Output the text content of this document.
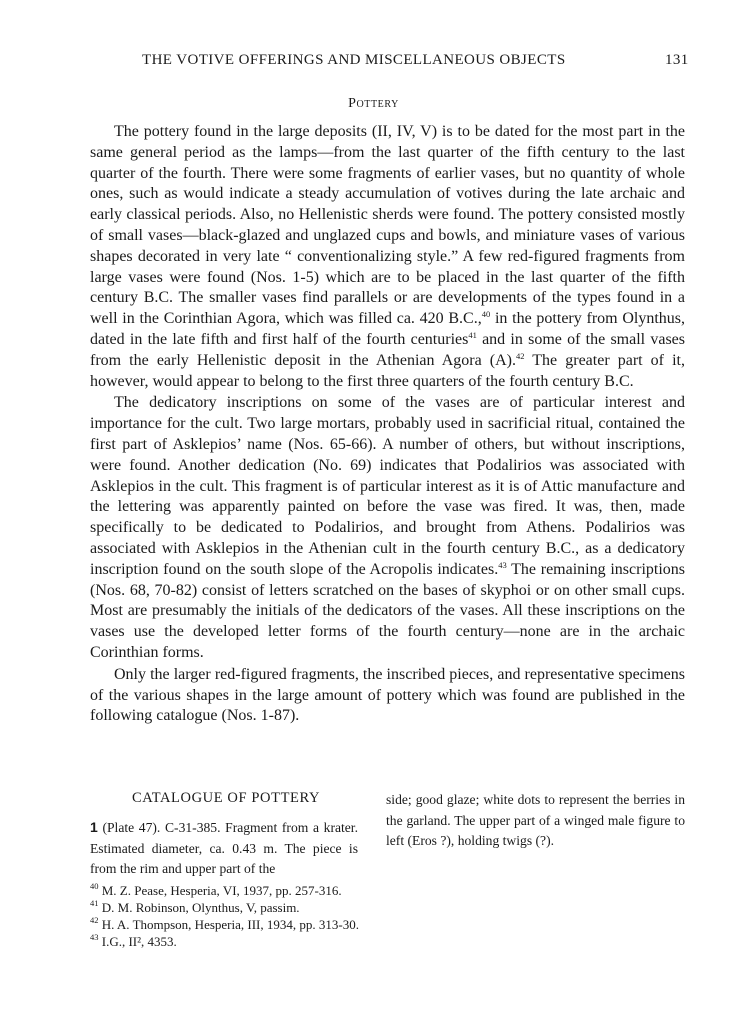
THE VOTIVE OFFERINGS AND MISCELLANEOUS OBJECTS	131
Pottery

The pottery found in the large deposits (II, IV, V) is to be dated for the most part in the same general period as the lamps—from the last quarter of the fifth century to the last quarter of the fourth. There were some fragments of earlier vases, but no quantity of whole ones, such as would indicate a steady accumulation of votives during the late archaic and early classical periods. Also, no Hellenistic sherds were found. The pottery consisted mostly of small vases—black-glazed and unglazed cups and bowls, and miniature vases of various shapes decorated in very late “ conventionalizing style.” A few red-figured fragments from large vases were found (Nos. 1-5) which are to be placed in the last quarter of the fifth century B.C. The smaller vases find parallels or are developments of the types found in a well in the Corinthian Agora, which was filled ca. 420 B.C.,$^{40}$ in the pottery from Olynthus, dated in the late fifth and first half of the fourth centuries$^{41}$ and in some of the small vases from the early Hellenistic deposit in the Athenian Agora (A).$^{42}$ The greater part of it, however, would appear to belong to the first three quarters of the fourth century B.C.

The dedicatory inscriptions on some of the vases are of particular interest and importance for the cult. Two large mortars, probably used in sacrificial ritual, contained the first part of Asklepios’ name (Nos. 65-66). A number of others, but without inscriptions, were found. Another dedication (No. 69) indicates that Podalirios was associated with Asklepios in the cult. This fragment is of particular interest as it is of Attic manufacture and the lettering was apparently painted on before the vase was fired. It was, then, made specifically to be dedicated to Podalirios, and brought from Athens. Podalirios was associated with Asklepios in the Athenian cult in the fourth century B.C., as a dedicatory inscription found on the south slope of the Acropolis indicates.$^{43}$ The remaining inscriptions (Nos. 68, 70-82) consist of letters scratched on the bases of skyphoi or on other small cups. Most are presumably the initials of the dedicators of the vases. All these inscriptions on the vases use the developed letter forms of the fourth century—none are in the archaic Corinthian forms.

Only the larger red-figured fragments, the inscribed pieces, and representative specimens of the various shapes in the large amount of pottery which was found are published in the following catalogue (Nos. 1-87).

CATALOGUE OF POTTERY
1 (Plate 47). C-31-385. Fragment from a krater. Estimated diameter, ca. 0.43 m. The piece is from the rim and upper part of the
side; good glaze; white dots to represent the berries in the garland. The upper part of a winged male figure to left (Eros ?), holding twigs (?).
$^{40}$ M. Z. Pease, Hesperia, VI, 1937, pp. 257-316.
$^{41}$ D. M. Robinson, Olynthus, V, passim.
$^{42}$ H. A. Thompson, Hesperia, III, 1934, pp. 313-30.
$^{43}$ I.G., II², 4353.
